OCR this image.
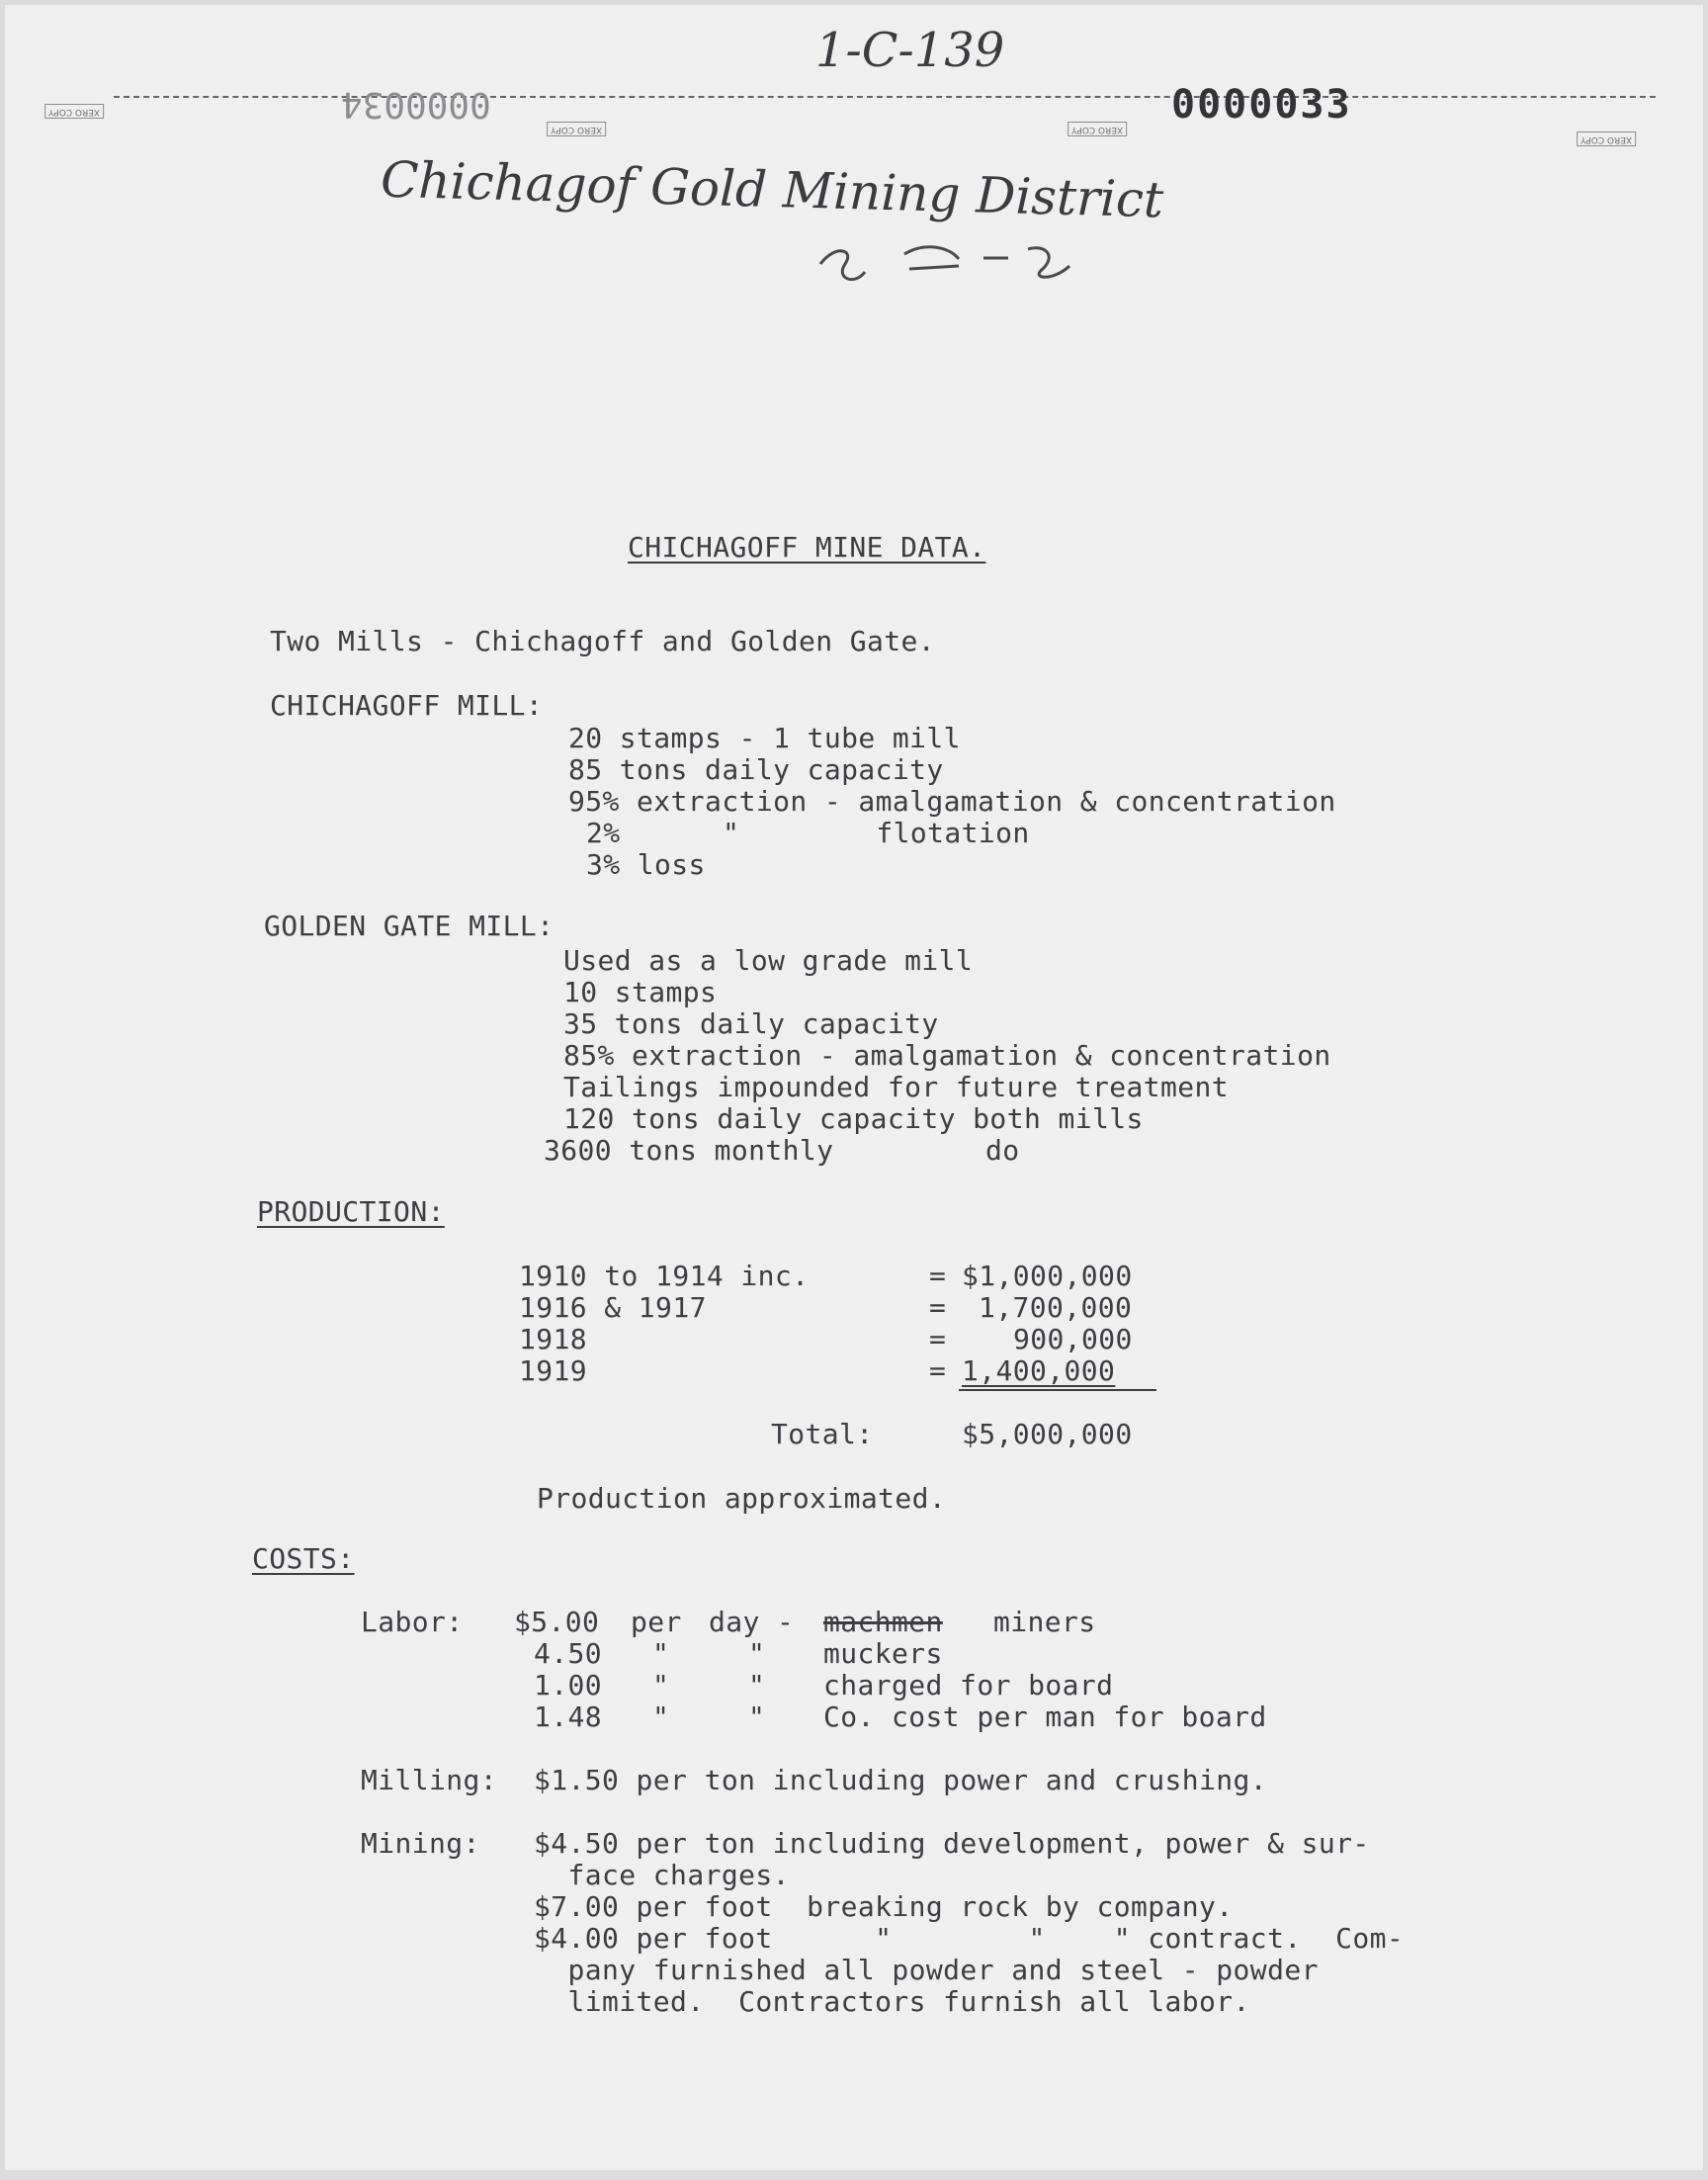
1-C-139
0000033
0000034
XERO COPY
XERO COPY	XERO COPY
XERO COPY
Chichagof Gold Mining District
CHICHAGOFF MINE DATA.
Two Mills - Chichagoff and Golden Gate.
CHICHAGOFF MILL:
20 stamps - 1 tube mill
85 tons daily capacity
95% extraction - amalgamation & concentration
2%      "        flotation
3% loss
GOLDEN GATE MILL:
Used as a low grade mill
10 stamps
35 tons daily capacity
85% extraction - amalgamation & concentration
Tailings impounded for future treatment
120 tons daily capacity both mills
3600 tons monthly	do
PRODUCTION:
1910 to 1914 inc.	= $1,000,000
1916 & 1917	= 1,700,000
1918	= 900,000
1919	= 1,400,000
Total:	$5,000,000
Production approximated.
COSTS:
Labor: $5.00 per day - machmen miners
4.50 "	" muckers
1.00 "	" charged for board
1.48 "	" Co. cost per man for board
Milling: $1.50 per ton including power and crushing.
Mining: $4.50 per ton including development, power & sur-
face charges.
$7.00 per foot  breaking rock by company.
$4.00 per foot      "        "    " contract.  Com-
pany furnished all powder and steel - powder
limited.  Contractors furnish all labor.
